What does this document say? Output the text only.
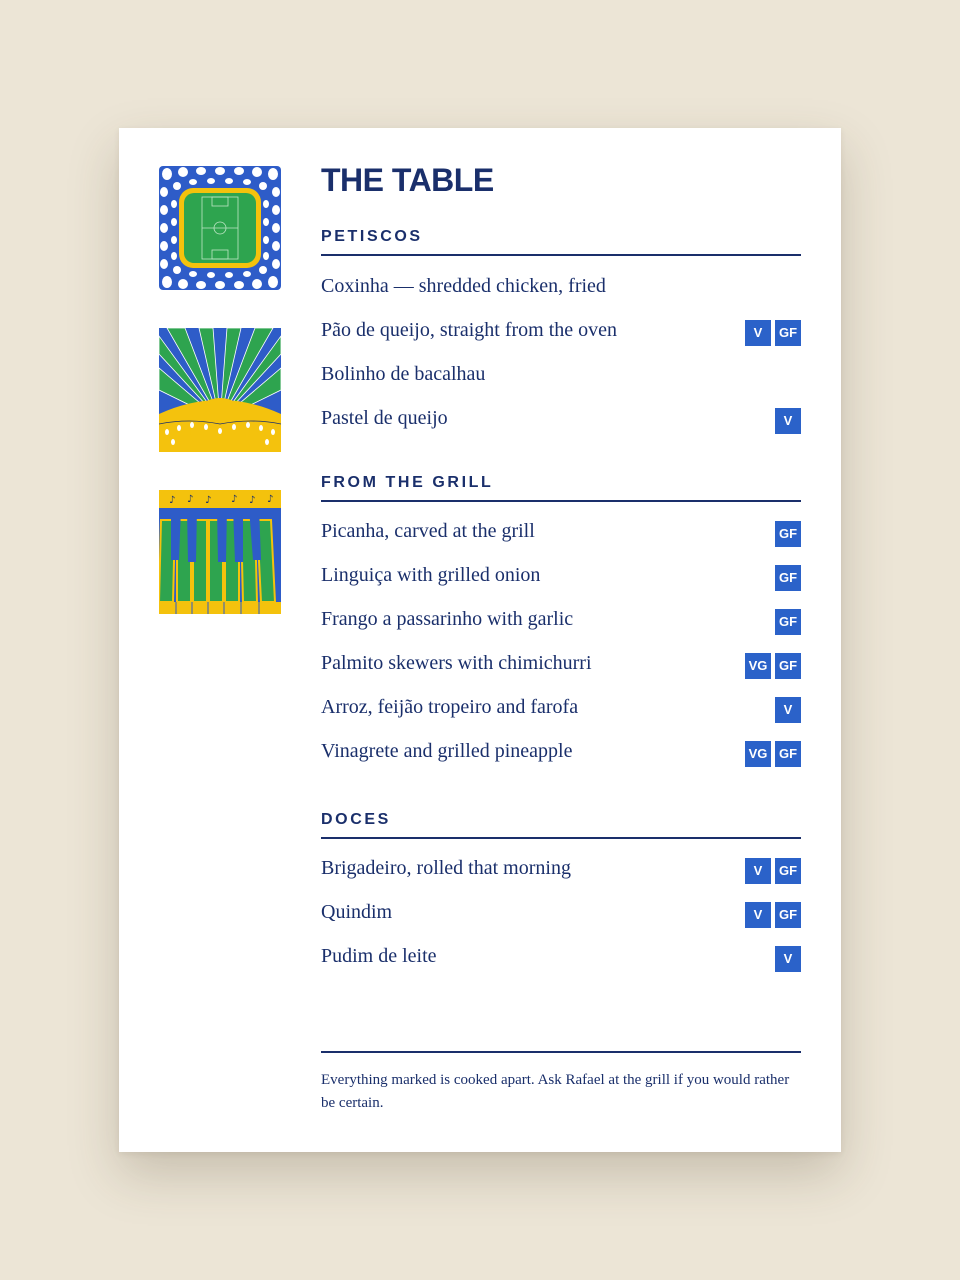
♪ ♪ ♪ ♪ ♪ ♪
THE TABLE
PETISCOS
Coxinha — shredded chicken, fried
Pão de queijo, straight from the oven	V	GF
Bolinho de bacalhau
Pastel de queijo	V
FROM THE GRILL
Picanha, carved at the grill	GF
Linguiça with grilled onion	GF
Frango a passarinho with garlic	GF
Palmito skewers with chimichurri	VG GF
Arroz, feijão tropeiro and farofa	V
Vinagrete and grilled pineapple	VG GF
DOCES
Brigadeiro, rolled that morning	V	GF
Quindim	V	GF
Pudim de leite	V

Everything marked is cooked apart. Ask Rafael at the grill if you would rather be certain.
